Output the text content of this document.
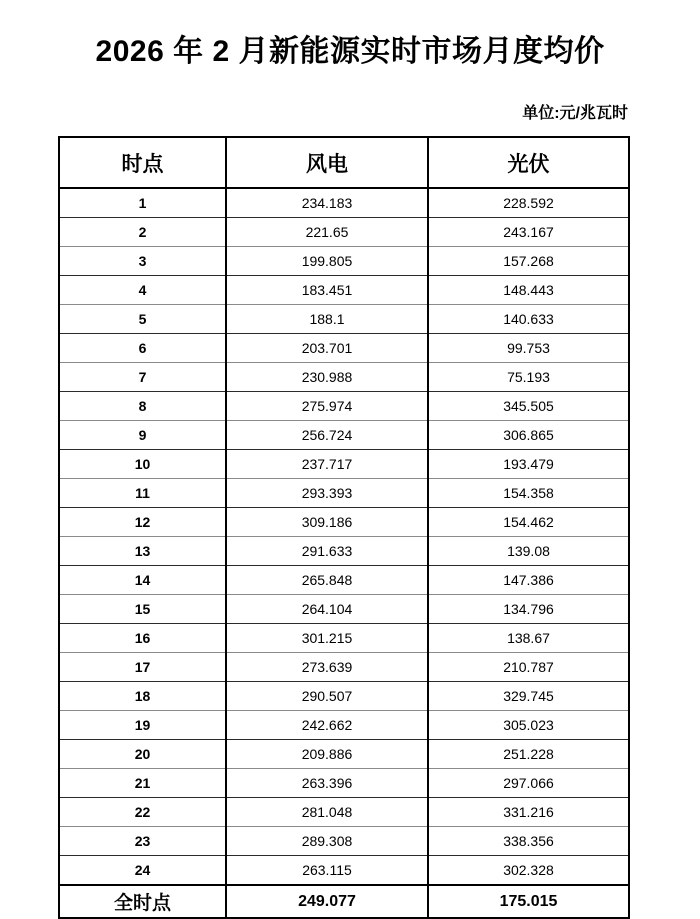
2026 年 2 月新能源实时市场月度均价
单位:元/兆瓦时
时点	风电	光伏
1	234.183	228.592
2	221.65	243.167
3	199.805	157.268
4	183.451	148.443
5	188.1	140.633
6	203.701	99.753
7	230.988	75.193
8	275.974	345.505
9	256.724	306.865
10	237.717	193.479
11	293.393	154.358
12	309.186	154.462
13	291.633	139.08
14	265.848	147.386
15	264.104	134.796
16	301.215	138.67
17	273.639	210.787
18	290.507	329.745
19	242.662	305.023
20	209.886	251.228
21	263.396	297.066
22	281.048	331.216
23	289.308	338.356
24	263.115	302.328
全时点	249.077	175.015
